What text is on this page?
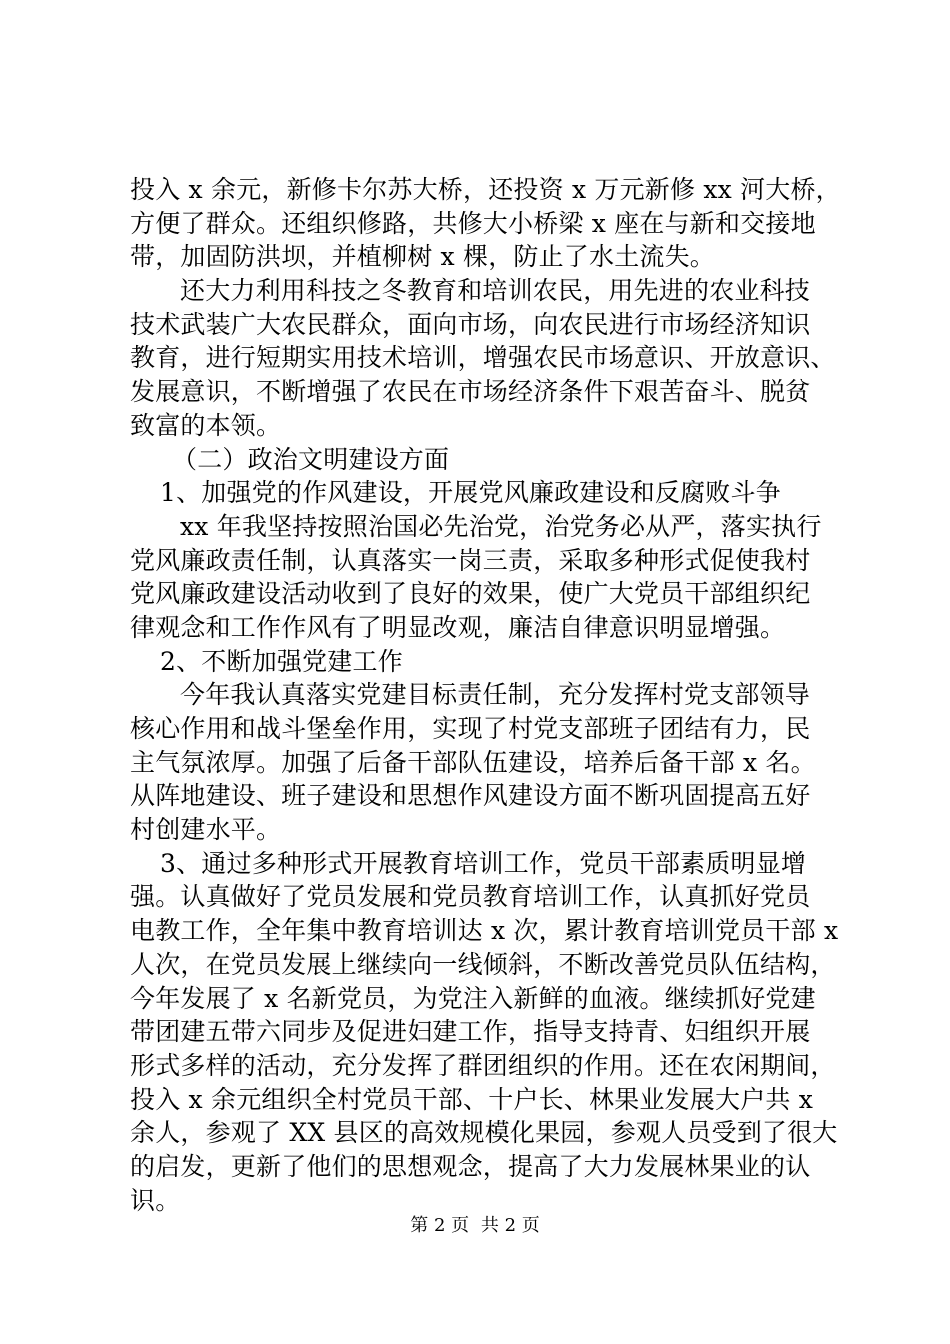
投入 x 余元，新修卡尔苏大桥，还投资 x 万元新修 xx 河大桥，
方便了群众。还组织修路，共修大小桥梁 x 座在与新和交接地
带，加固防洪坝，并植柳树 x 棵，防止了水土流失。
还大力利用科技之冬教育和培训农民，用先进的农业科技
技术武装广大农民群众，面向市场，向农民进行市场经济知识
教育，进行短期实用技术培训，增强农民市场意识、开放意识、
发展意识，不断增强了农民在市场经济条件下艰苦奋斗、脱贫
致富的本领。
（二）政治文明建设方面
1、加强党的作风建设，开展党风廉政建设和反腐败斗争
xx 年我坚持按照治国必先治党，治党务必从严，落实执行
党风廉政责任制，认真落实一岗三责，采取多种形式促使我村
党风廉政建设活动收到了良好的效果，使广大党员干部组织纪
律观念和工作作风有了明显改观，廉洁自律意识明显增强。
2、不断加强党建工作
今年我认真落实党建目标责任制，充分发挥村党支部领导
核心作用和战斗堡垒作用，实现了村党支部班子团结有力，民
主气氛浓厚。加强了后备干部队伍建设，培养后备干部 x 名。
从阵地建设、班子建设和思想作风建设方面不断巩固提高五好
村创建水平。
3、通过多种形式开展教育培训工作，党员干部素质明显增
强。认真做好了党员发展和党员教育培训工作，认真抓好党员
电教工作，全年集中教育培训达 x 次，累计教育培训党员干部 x
人次，在党员发展上继续向一线倾斜，不断改善党员队伍结构，
今年发展了 x 名新党员，为党注入新鲜的血液。继续抓好党建
带团建五带六同步及促进妇建工作，指导支持青、妇组织开展
形式多样的活动，充分发挥了群团组织的作用。还在农闲期间，
投入 x 余元组织全村党员干部、十户长、林果业发展大户共 x
余人，参观了 XX 县区的高效规模化果园，参观人员受到了很大
的启发，更新了他们的思想观念，提高了大力发展林果业的认
识。
第 2 页 共 2 页
